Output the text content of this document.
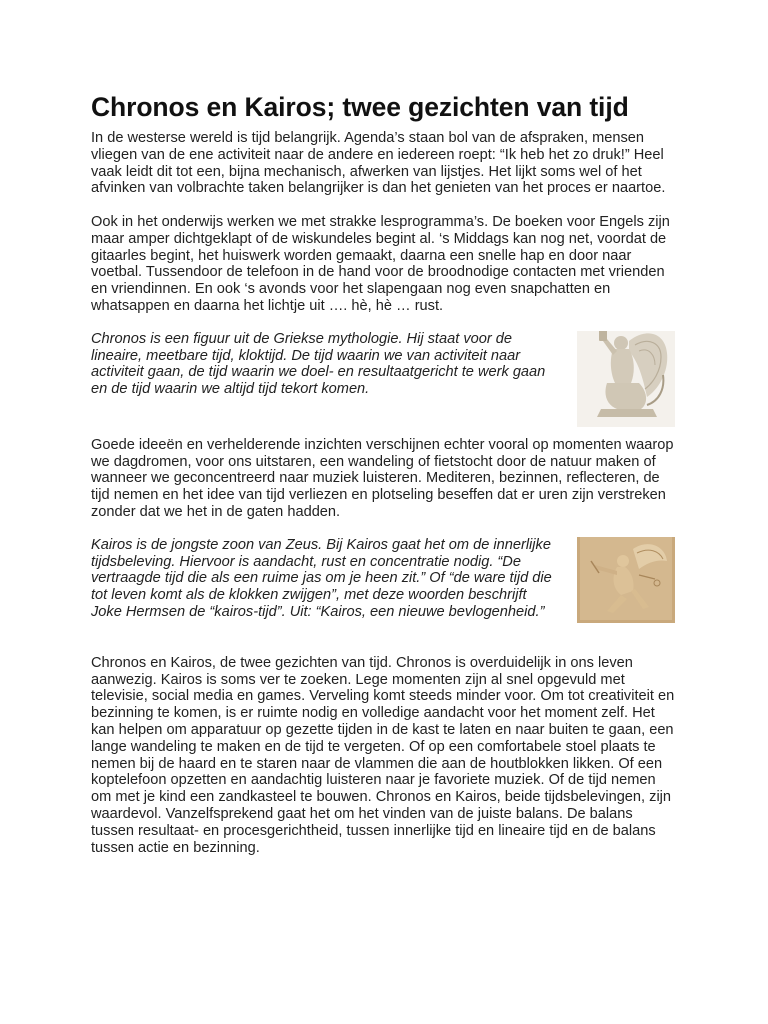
Chronos en Kairos; twee gezichten van tijd

In de westerse wereld is tijd belangrijk. Agenda’s staan bol van de afspraken, mensen vliegen van de ene activiteit naar de andere en iedereen roept: “Ik heb het zo druk!” Heel vaak leidt dit tot een, bijna mechanisch, afwerken van lijstjes. Het lijkt soms wel of het afvinken van volbrachte taken belangrijker is dan het genieten van het proces er naartoe.

Ook in het onderwijs werken we met strakke lesprogramma’s. De boeken voor Engels zijn maar amper dichtgeklapt of de wiskundeles begint al. ‘s Middags kan nog net, voordat de gitaarles begint, het huiswerk worden gemaakt, daarna een snelle hap en door naar voetbal. Tussendoor de telefoon in de hand voor de broodnodige contacten met vrienden en vriendinnen. En ook ‘s avonds voor het slapengaan nog even snapchatten en whatsappen en daarna het lichtje uit …. hè, hè … rust.

Chronos is een figuur uit de Griekse mythologie. Hij staat voor de lineaire, meetbare tijd, kloktijd. De tijd waarin we van activiteit naar activiteit gaan, de tijd waarin we doel- en resultaatgericht te werk gaan en de tijd waarin we altijd tijd tekort komen.

Goede ideeën en verhelderende inzichten verschijnen echter vooral op momenten waarop we dagdromen, voor ons uitstaren, een wandeling of fietstocht door de natuur maken of wanneer we geconcentreerd naar muziek luisteren. Mediteren, bezinnen, reflecteren, de tijd nemen en het idee van tijd verliezen en plotseling beseffen dat er uren zijn verstreken zonder dat we het in de gaten hadden.

Kairos is de jongste zoon van Zeus. Bij Kairos gaat het om de innerlijke tijdsbeleving. Hiervoor is aandacht, rust en concentratie nodig. “De vertraagde tijd die als een ruime jas om je heen zit.” Of “de ware tijd die tot leven komt als de klokken zwijgen”, met deze woorden beschrijft Joke Hermsen de “kairos-tijd”. Uit: “Kairos, een nieuwe bevlogenheid.”

Chronos en Kairos, de twee gezichten van tijd. Chronos is overduidelijk in ons leven aanwezig. Kairos is soms ver te zoeken. Lege momenten zijn al snel opgevuld met televisie, social media en games. Verveling komt steeds minder voor. Om tot creativiteit en bezinning te komen, is er ruimte nodig en volledige aandacht voor het moment zelf. Het kan helpen om apparatuur op gezette tijden in de kast te laten en naar buiten te gaan, een lange wandeling te maken en de tijd te vergeten. Of op een comfortabele stoel plaats te nemen bij de haard en te staren naar de vlammen die aan de houtblokken likken. Of een koptelefoon opzetten en aandachtig luisteren naar je favoriete muziek. Of de tijd nemen om met je kind een zandkasteel te bouwen. Chronos en Kairos, beide tijdsbelevingen, zijn waardevol. Vanzelfsprekend gaat het om het vinden van de juiste balans. De balans tussen resultaat- en procesgerichtheid, tussen innerlijke tijd en lineaire tijd en de balans tussen actie en bezinning.
